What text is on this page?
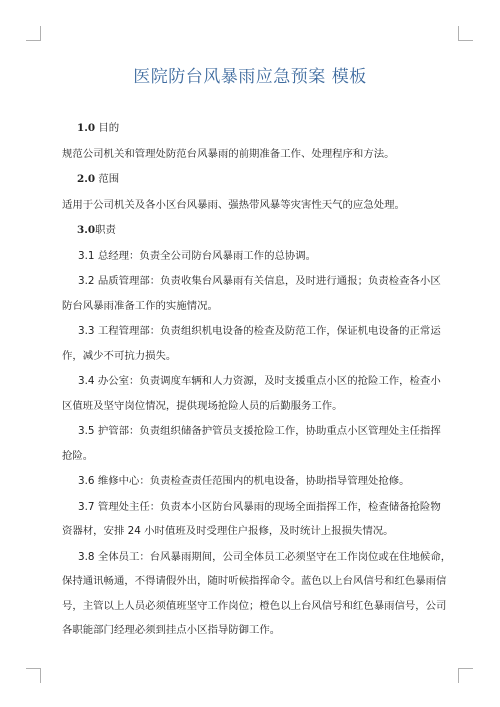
医院防台风暴雨应急预案 模板
1.0 目的
规范公司机关和管理处防范台风暴雨的前期准备工作、处理程序和方法。
2.0 范围
适用于公司机关及各小区台风暴雨、强热带风暴等灾害性天气的应急处理。
3.0职责
3.1 总经理：负责全公司防台风暴雨工作的总协调。
3.2 品质管理部：负责收集台风暴雨有关信息，及时进行通报；负责检查各小区
防台风暴雨准备工作的实施情况。
3.3 工程管理部：负责组织机电设备的检查及防范工作，保证机电设备的正常运
作，减少不可抗力损失。
3.4 办公室：负责调度车辆和人力资源，及时支援重点小区的抢险工作，检查小
区值班及坚守岗位情况，提供现场抢险人员的后勤服务工作。
3.5 护管部：负责组织储备护管员支援抢险工作，协助重点小区管理处主任指挥
抢险。
3.6 维修中心：负责检查责任范围内的机电设备，协助指导管理处抢修。
3.7 管理处主任：负责本小区防台风暴雨的现场全面指挥工作，检查储备抢险物
资器材，安排 24 小时值班及时受理住户报修，及时统计上报损失情况。
3.8 全体员工：台风暴雨期间，公司全体员工必须坚守在工作岗位或在住地候命，
保持通讯畅通，不得请假外出，随时听候指挥命令。蓝色以上台风信号和红色暴雨信
号，主管以上人员必须值班坚守工作岗位；橙色以上台风信号和红色暴雨信号，公司
各职能部门经理必须到挂点小区指导防御工作。
